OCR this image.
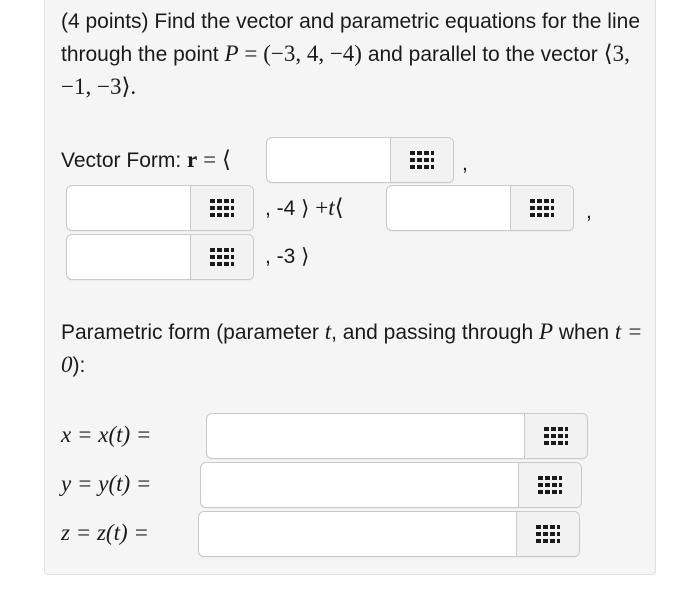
(4 points) Find the vector and parametric equations for the line through the point P = (−3, 4, −4) and parallel to the vector ⟨3, −1, −3⟩.
Vector Form: r = ⟨	,
, -4 ⟩ +t⟨	,
, -3 ⟩
Parametric form (parameter t, and passing through P when t = 0):
x = x(t) =
y = y(t) =
z = z(t) =
